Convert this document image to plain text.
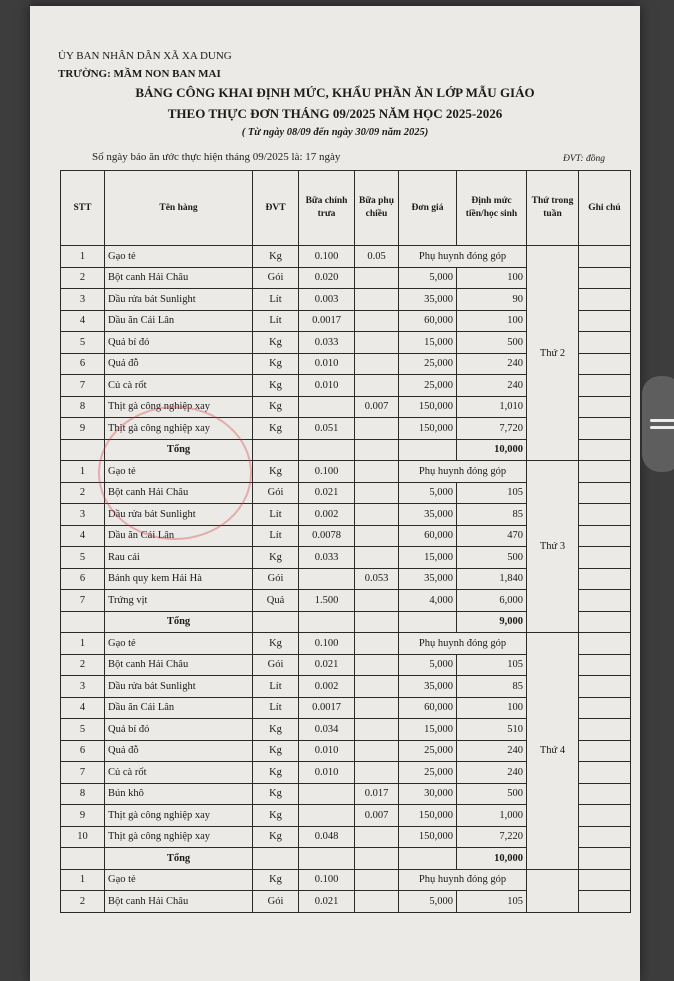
ỦY BAN NHÂN DÂN XÃ XA DUNG
TRƯỜNG: MẦM NON BAN MAI
BẢNG CÔNG KHAI ĐỊNH MỨC, KHẨU PHẦN ĂN LỚP MẪU GIÁO
THEO THỰC ĐƠN THÁNG 09/2025 NĂM HỌC 2025-2026
( Từ ngày 08/09 đến ngày 30/09 năm 2025)
Số ngày báo ăn ước thực hiện tháng 09/2025 là: 17 ngày	ĐVT: đồng
STT	Tên hàng	ĐVT	Bữa chính trưa	Bữa phụ chiều	Đơn giá	Định mức tiền/học sinh	Thứ trong tuần	Ghi chú
1	Gạo tẻ	Kg	0.100	0.05	Phụ huynh đóng góp		Thứ 2	
2	Bột canh Hải Châu	Gói	0.020		5,000	100		
3	Dầu rửa bát Sunlight	Lít	0.003		35,000	90		
4	Dầu ăn Cái Lân	Lít	0.0017		60,000	100		
5	Quả bí đỏ	Kg	0.033		15,000	500		
6	Quả đỗ	Kg	0.010		25,000	240		
7	Củ cà rốt	Kg	0.010		25,000	240		
8	Thịt gà công nghiệp xay	Kg		0.007	150,000	1,010		
9	Thịt gà công nghiệp xay	Kg	0.051		150,000	7,720		
	Tổng					10,000		
1	Gạo tẻ	Kg	0.100		Phụ huynh đóng góp		Thứ 3	
2	Bột canh Hải Châu	Gói	0.021		5,000	105		
3	Dầu rửa bát Sunlight	Lít	0.002		35,000	85		
4	Dầu ăn Cái Lân	Lít	0.0078		60,000	470		
5	Rau cải	Kg	0.033		15,000	500		
6	Bánh quy kem Hải Hà	Gói		0.053	35,000	1,840		
7	Trứng vịt	Quả	1.500		4,000	6,000		
	Tổng					9,000		
1	Gạo tẻ	Kg	0.100		Phụ huynh đóng góp		Thứ 4	
2	Bột canh Hải Châu	Gói	0.021		5,000	105		
3	Dầu rửa bát Sunlight	Lít	0.002		35,000	85		
4	Dầu ăn Cái Lân	Lít	0.0017		60,000	100		
5	Quả bí đỏ	Kg	0.034		15,000	510		
6	Quả đỗ	Kg	0.010		25,000	240		
7	Củ cà rốt	Kg	0.010		25,000	240		
8	Bún khô	Kg		0.017	30,000	500		
9	Thịt gà công nghiệp xay	Kg		0.007	150,000	1,000		
10	Thịt gà công nghiệp xay	Kg	0.048		150,000	7,220		
	Tổng					10,000		
1	Gạo tẻ	Kg	0.100		Phụ huynh đóng góp			
2	Bột canh Hải Châu	Gói	0.021		5,000	105		
